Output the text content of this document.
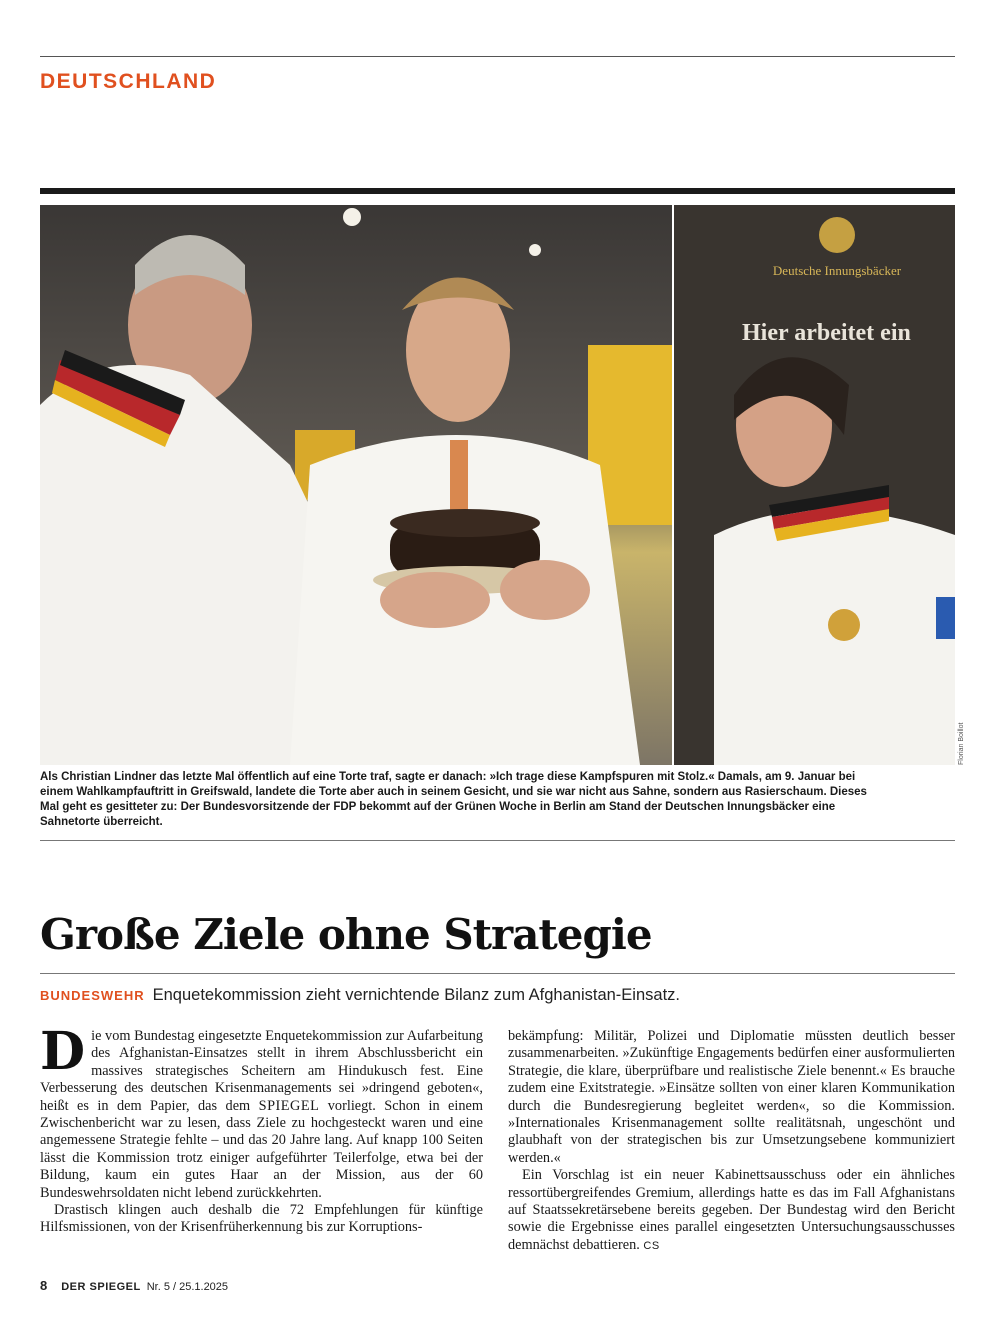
DEUTSCHLAND
Deutsche Innungsbäcker
Hier arbeitet ein
Florian Boillot
Als Christian Lindner das letzte Mal öffentlich auf eine Torte traf, sagte er danach: »Ich trage diese Kampfspuren mit Stolz.« Damals, am 9. Januar bei einem Wahlkampfauftritt in Greifswald, landete die Torte aber auch in seinem Gesicht, und sie war nicht aus Sahne, sondern aus Rasierschaum. Dieses Mal geht es gesitteter zu: Der Bundesvorsitzende der FDP bekommt auf der Grünen Woche in Berlin am Stand der Deutschen Innungsbäcker eine Sahnetorte überreicht.
Große Ziele ohne Strategie
BUNDESWEHR Enquetekommission zieht vernichtende Bilanz zum Afghanistan-Einsatz.

Die vom Bundestag eingesetzte Enquetekommission zur Aufarbeitung des Afghanistan-Einsatzes stellt in ihrem Abschlussbericht ein massives strategisches Scheitern am Hindukusch fest. Eine Verbesserung des deutschen Krisenmanagements sei »dringend geboten«, heißt es in dem Papier, das dem SPIEGEL vorliegt. Schon in einem Zwischenbericht war zu lesen, dass Ziele zu hochgesteckt waren und eine angemessene Strategie fehlte – und das 20 Jahre lang. Auf knapp 100 Seiten lässt die Kommission trotz einiger aufgeführter Teilerfolge, etwa bei der Bildung, kaum ein gutes Haar an der Mission, aus der 60 Bundeswehrsoldaten nicht lebend zurückkehrten.

Drastisch klingen auch deshalb die 72 Empfehlungen für künftige Hilfsmissionen, von der Krisenfrüherkennung bis zur Korruptions-

bekämpfung: Militär, Polizei und Diplomatie müssten deutlich besser zusammenarbeiten. »Zukünftige Engagements bedürfen einer ausformulierten Strategie, die klare, überprüfbare und realistische Ziele benennt.« Es brauche zudem eine Exitstrategie. »Einsätze sollten von einer klaren Kommunikation durch die Bundesregierung begleitet werden«, so die Kommission. »Internationales Krisenmanagement sollte realitätsnah, ungeschönt und glaubhaft von der strategischen bis zur Umsetzungsebene kommuniziert werden.«

Ein Vorschlag ist ein neuer Kabinettsausschuss oder ein ähnliches ressortübergreifendes Gremium, allerdings hatte es das im Fall Afghanistans auf Staatssekretärsebene bereits gegeben. Der Bundestag wird den Bericht sowie die Ergebnisse eines parallel eingesetzten Untersuchungsausschusses demnächst debattieren. CS

8 DER SPIEGEL Nr. 5 / 25.1.2025
